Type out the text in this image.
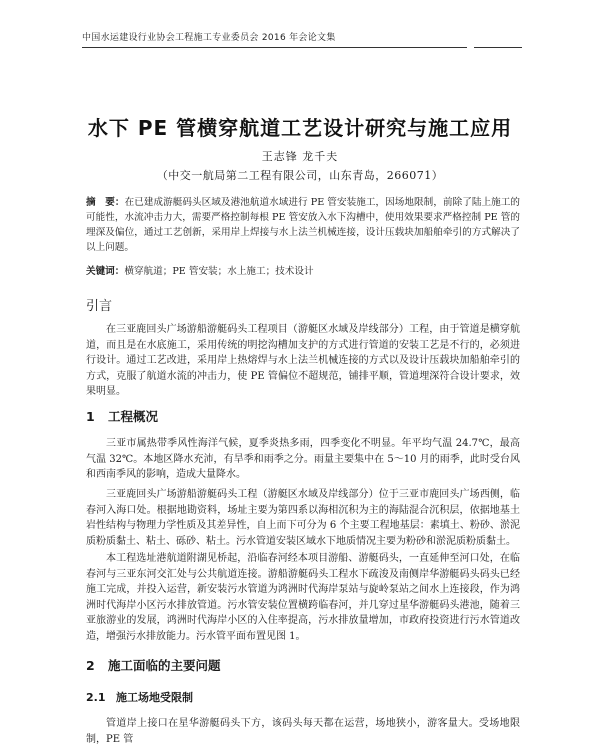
中国水运建设行业协会工程施工专业委员会 2016 年会论文集
水下 PE 管横穿航道工艺设计研究与施工应用
王志锋 龙千夫
（中交一航局第二工程有限公司，山东青岛，266071）
摘　要：在已建成游艇码头区域及港池航道水域进行 PE 管安装施工，因场地限制，前除了陆上施工的可能性，水流冲击力大，需要严格控制每根 PE 管安放入水下沟槽中，使用效果要求严格控制 PE 管的埋深及偏位，通过工艺创新，采用岸上焊接与水上法兰机械连接，设计压载块加船舶牵引的方式解决了以上问题。
关键词：横穿航道；PE 管安装；水上施工；技术设计
引言

在三亚鹿回头广场游船游艇码头工程项目（游艇区水域及岸线部分）工程，由于管道是横穿航道，而且是在水底施工，采用传统的明挖沟槽加支护的方式进行管道的安装工艺是不行的，必须进行设计。通过工艺改进，采用岸上热熔焊与水上法兰机械连接的方式以及设计压载块加船舶牵引的方式，克服了航道水流的冲击力，使 PE 管偏位不超规范，铺排平顺，管道埋深符合设计要求，效果明显。

1 工程概况

三亚市属热带季风性海洋气候，夏季炎热多雨，四季变化不明显。年平均气温 24.7℃，最高气温 32℃。本地区降水充沛，有旱季和雨季之分。雨量主要集中在 5～10 月的雨季，此时受台风和西南季风的影响，造成大量降水。

三亚鹿回头广场游船游艇码头工程（游艇区水域及岸线部分）位于三亚市鹿回头广场西侧，临春河入海口处。根据地勘资料，场址主要为第四系以海相沉积为主的海陆混合沉积层，依据地基土岩性结构与物理力学性质及其差异性，自上而下可分为 6 个主要工程地基层：素填土、粉砂、淤泥质粉质黏土、粘土、砾砂、粘土。污水管道安装区域水下地质情况主要为粉砂和淤泥质粉质黏土。

本工程选址港航道附湖见桥起，沿临春河经本项目游船、游艇码头，一直延伸至河口处，在临春河与三亚东河交汇处与公共航道连接。游船游艇码头工程水下疏浚及南侧岸华游艇码头码头已经施工完成，并投入运营，新安装污水管道为鸿洲时代海岸泵站与旋岭泵站之间水上连接段，作为鸿洲时代海岸小区污水排放管道。污水管安装位置横跨临春河，并几穿过星华游艇码头港池，随着三亚旅游业的发展，鸿洲时代海岸小区的入住率提高，污水排放量增加，市政府投资进行污水管道改造，增强污水排放能力。污水管平面布置见图 1。

2 施工面临的主要问题
2.1 施工场地受限制

管道岸上接口在星华游艇码头下方，该码头每天都在运营，场地狭小，游客量大。受场地限制，PE 管
